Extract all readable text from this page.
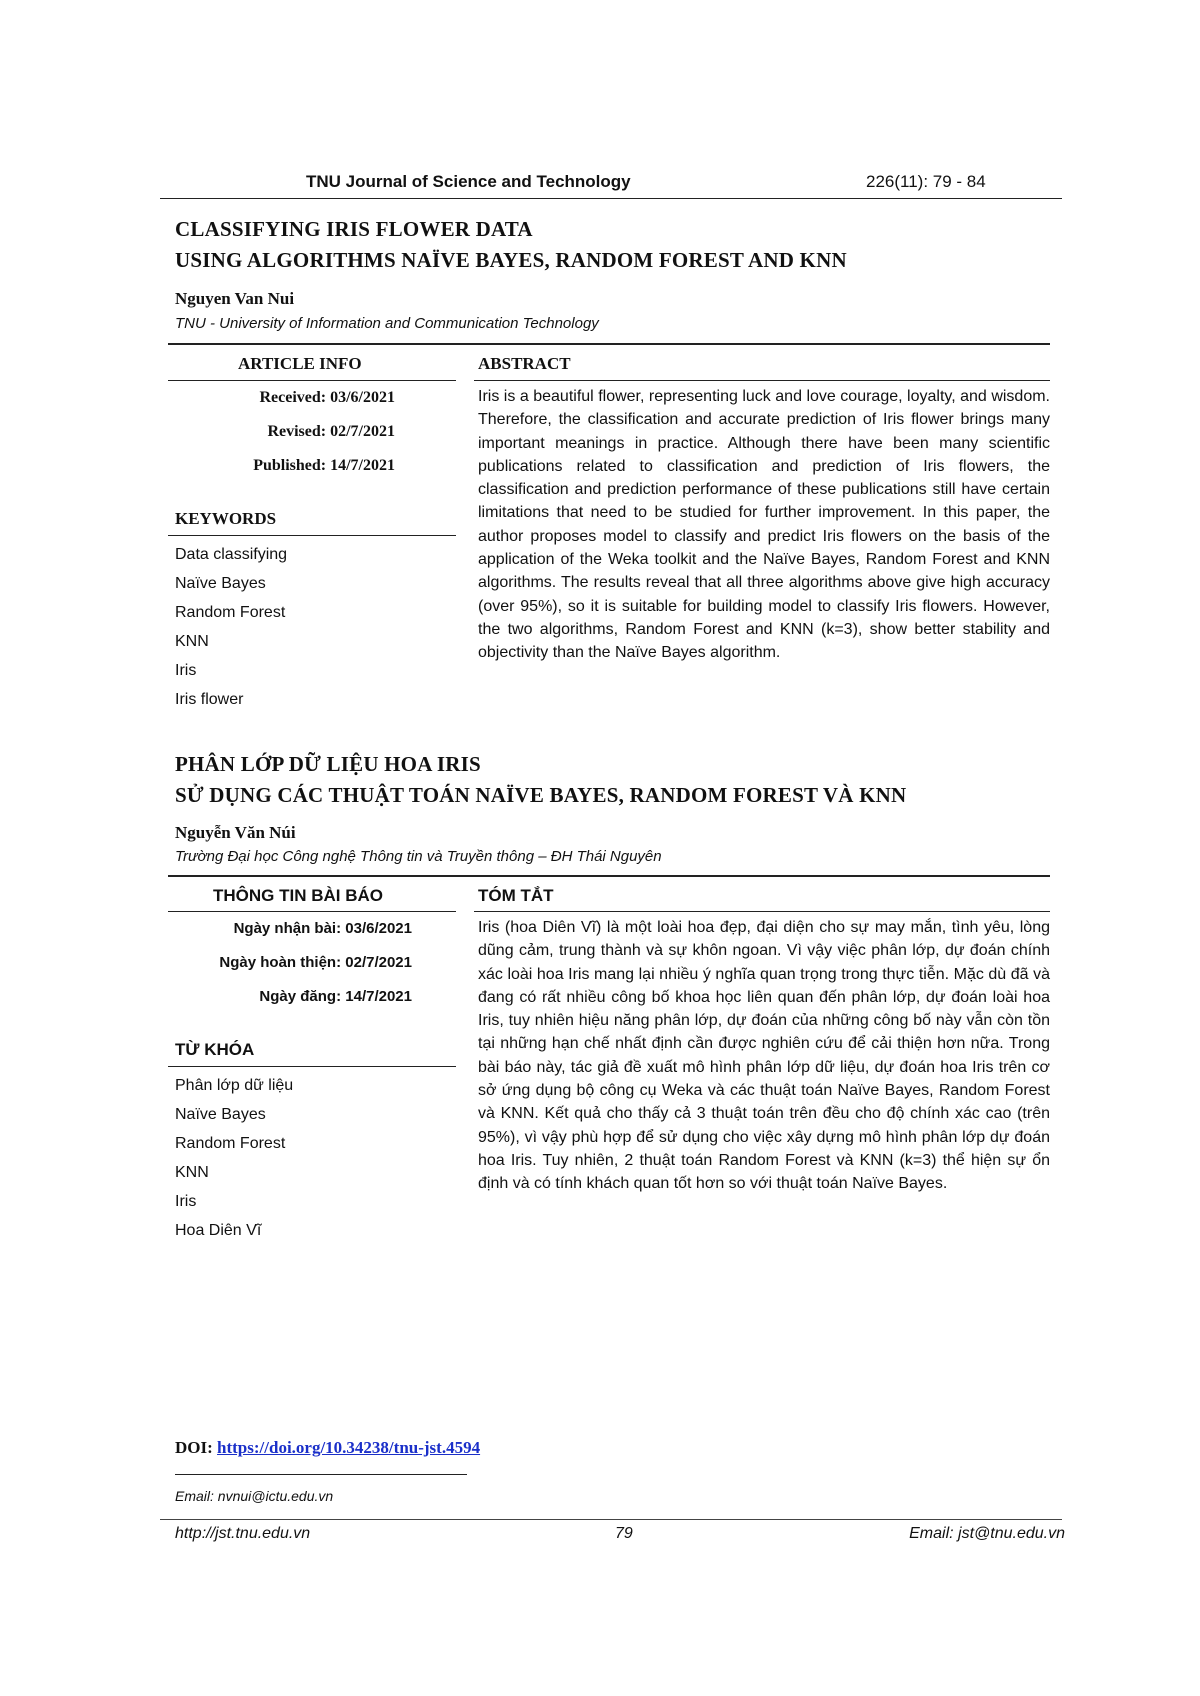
TNU Journal of Science and Technology	226(11): 79 - 84
CLASSIFYING IRIS FLOWER DATA
USING ALGORITHMS NAÏVE BAYES, RANDOM FOREST AND KNN
Nguyen Van Nui
TNU - University of Information and Communication Technology
ARTICLE INFO	ABSTRACT
Received: 03/6/2021
Revised: 02/7/2021
Published: 14/7/2021
KEYWORDS
Data classifying
Naïve Bayes
Random Forest
KNN
Iris
Iris flower

Iris is a beautiful flower, representing luck and love courage, loyalty, and wisdom. Therefore, the classification and accurate prediction of Iris flower brings many important meanings in practice. Although there have been many scientific publications related to classification and prediction of Iris flowers, the classification and prediction performance of these publications still have certain limitations that need to be studied for further improvement. In this paper, the author proposes model to classify and predict Iris flowers on the basis of the application of the Weka toolkit and the Naïve Bayes, Random Forest and KNN algorithms. The results reveal that all three algorithms above give high accuracy (over 95%), so it is suitable for building model to classify Iris flowers. However, the two algorithms, Random Forest and KNN (k=3), show better stability and objectivity than the Naïve Bayes algorithm.

PHÂN LỚP DỮ LIỆU HOA IRIS
SỬ DỤNG CÁC THUẬT TOÁN NAÏVE BAYES, RANDOM FOREST VÀ KNN
Nguyễn Văn Núi
Trường Đại học Công nghệ Thông tin và Truyền thông – ĐH Thái Nguyên
THÔNG TIN BÀI BÁO	TÓM TẮT
Ngày nhận bài: 03/6/2021
Ngày hoàn thiện: 02/7/2021
Ngày đăng: 14/7/2021
TỪ KHÓA
Phân lớp dữ liệu
Naïve Bayes
Random Forest
KNN
Iris
Hoa Diên Vĩ

Iris (hoa Diên Vĩ) là một loài hoa đẹp, đại diện cho sự may mắn, tình yêu, lòng dũng cảm, trung thành và sự khôn ngoan. Vì vậy việc phân lớp, dự đoán chính xác loài hoa Iris mang lại nhiều ý nghĩa quan trọng trong thực tiễn. Mặc dù đã và đang có rất nhiều công bố khoa học liên quan đến phân lớp, dự đoán loài hoa Iris, tuy nhiên hiệu năng phân lớp, dự đoán của những công bố này vẫn còn tồn tại những hạn chế nhất định cần được nghiên cứu để cải thiện hơn nữa. Trong bài báo này, tác giả đề xuất mô hình phân lớp dữ liệu, dự đoán hoa Iris trên cơ sở ứng dụng bộ công cụ Weka và các thuật toán Naïve Bayes, Random Forest và KNN. Kết quả cho thấy cả 3 thuật toán trên đều cho độ chính xác cao (trên 95%), vì vậy phù hợp để sử dụng cho việc xây dựng mô hình phân lớp dự đoán hoa Iris. Tuy nhiên, 2 thuật toán Random Forest và KNN (k=3) thể hiện sự ổn định và có tính khách quan tốt hơn so với thuật toán Naïve Bayes.

DOI: https://doi.org/10.34238/tnu-jst.4594
Email: nvnui@ictu.edu.vn
http://jst.tnu.edu.vn	79	Email: jst@tnu.edu.vn
